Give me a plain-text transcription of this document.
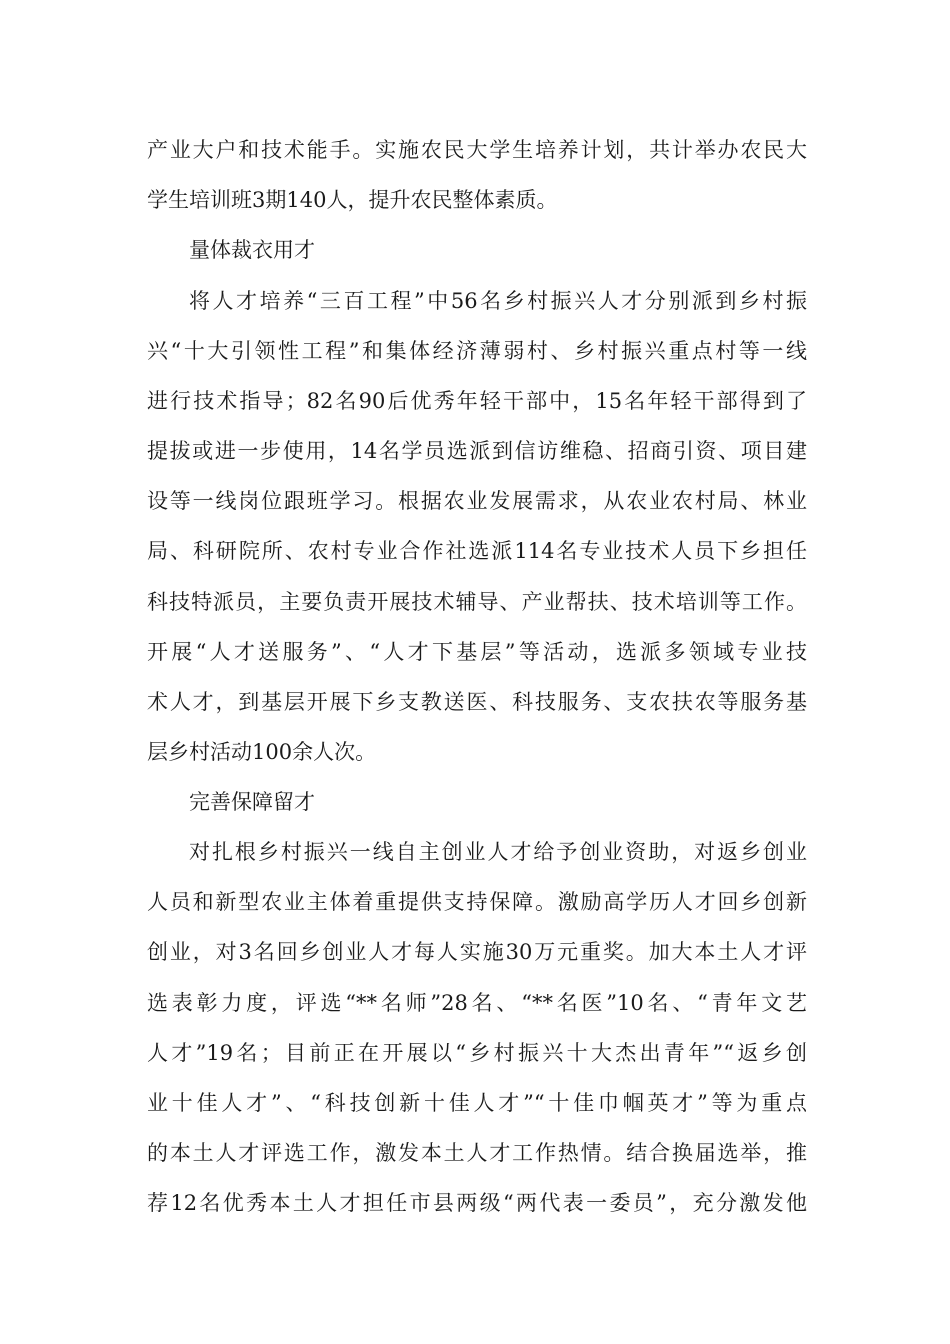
产业大户和技术能手。实施农民大学生培养计划，共计举办农民大
学生培训班3期140人，提升农民整体素质。
量体裁衣用才
将人才培养“三百工程”中56名乡村振兴人才分别派到乡村振
兴“十大引领性工程”和集体经济薄弱村、乡村振兴重点村等一线
进行技术指导；82名90后优秀年轻干部中，15名年轻干部得到了
提拔或进一步使用，14名学员选派到信访维稳、招商引资、项目建
设等一线岗位跟班学习。根据农业发展需求，从农业农村局、林业
局、科研院所、农村专业合作社选派114名专业技术人员下乡担任
科技特派员，主要负责开展技术辅导、产业帮扶、技术培训等工作。
开展“人才送服务”、“人才下基层”等活动，选派多领域专业技
术人才，到基层开展下乡支教送医、科技服务、支农扶农等服务基
层乡村活动100余人次。
完善保障留才
对扎根乡村振兴一线自主创业人才给予创业资助，对返乡创业
人员和新型农业主体着重提供支持保障。激励高学历人才回乡创新
创业，对3名回乡创业人才每人实施30万元重奖。加大本土人才评
选表彰力度，评选“**名师”28名、“**名医”10名、“青年文艺
人才”19名；目前正在开展以“乡村振兴十大杰出青年”“返乡创
业十佳人才”、“科技创新十佳人才”“十佳巾帼英才”等为重点
的本土人才评选工作，激发本土人才工作热情。结合换届选举，推
荐12名优秀本土人才担任市县两级“两代表一委员”，充分激发他
